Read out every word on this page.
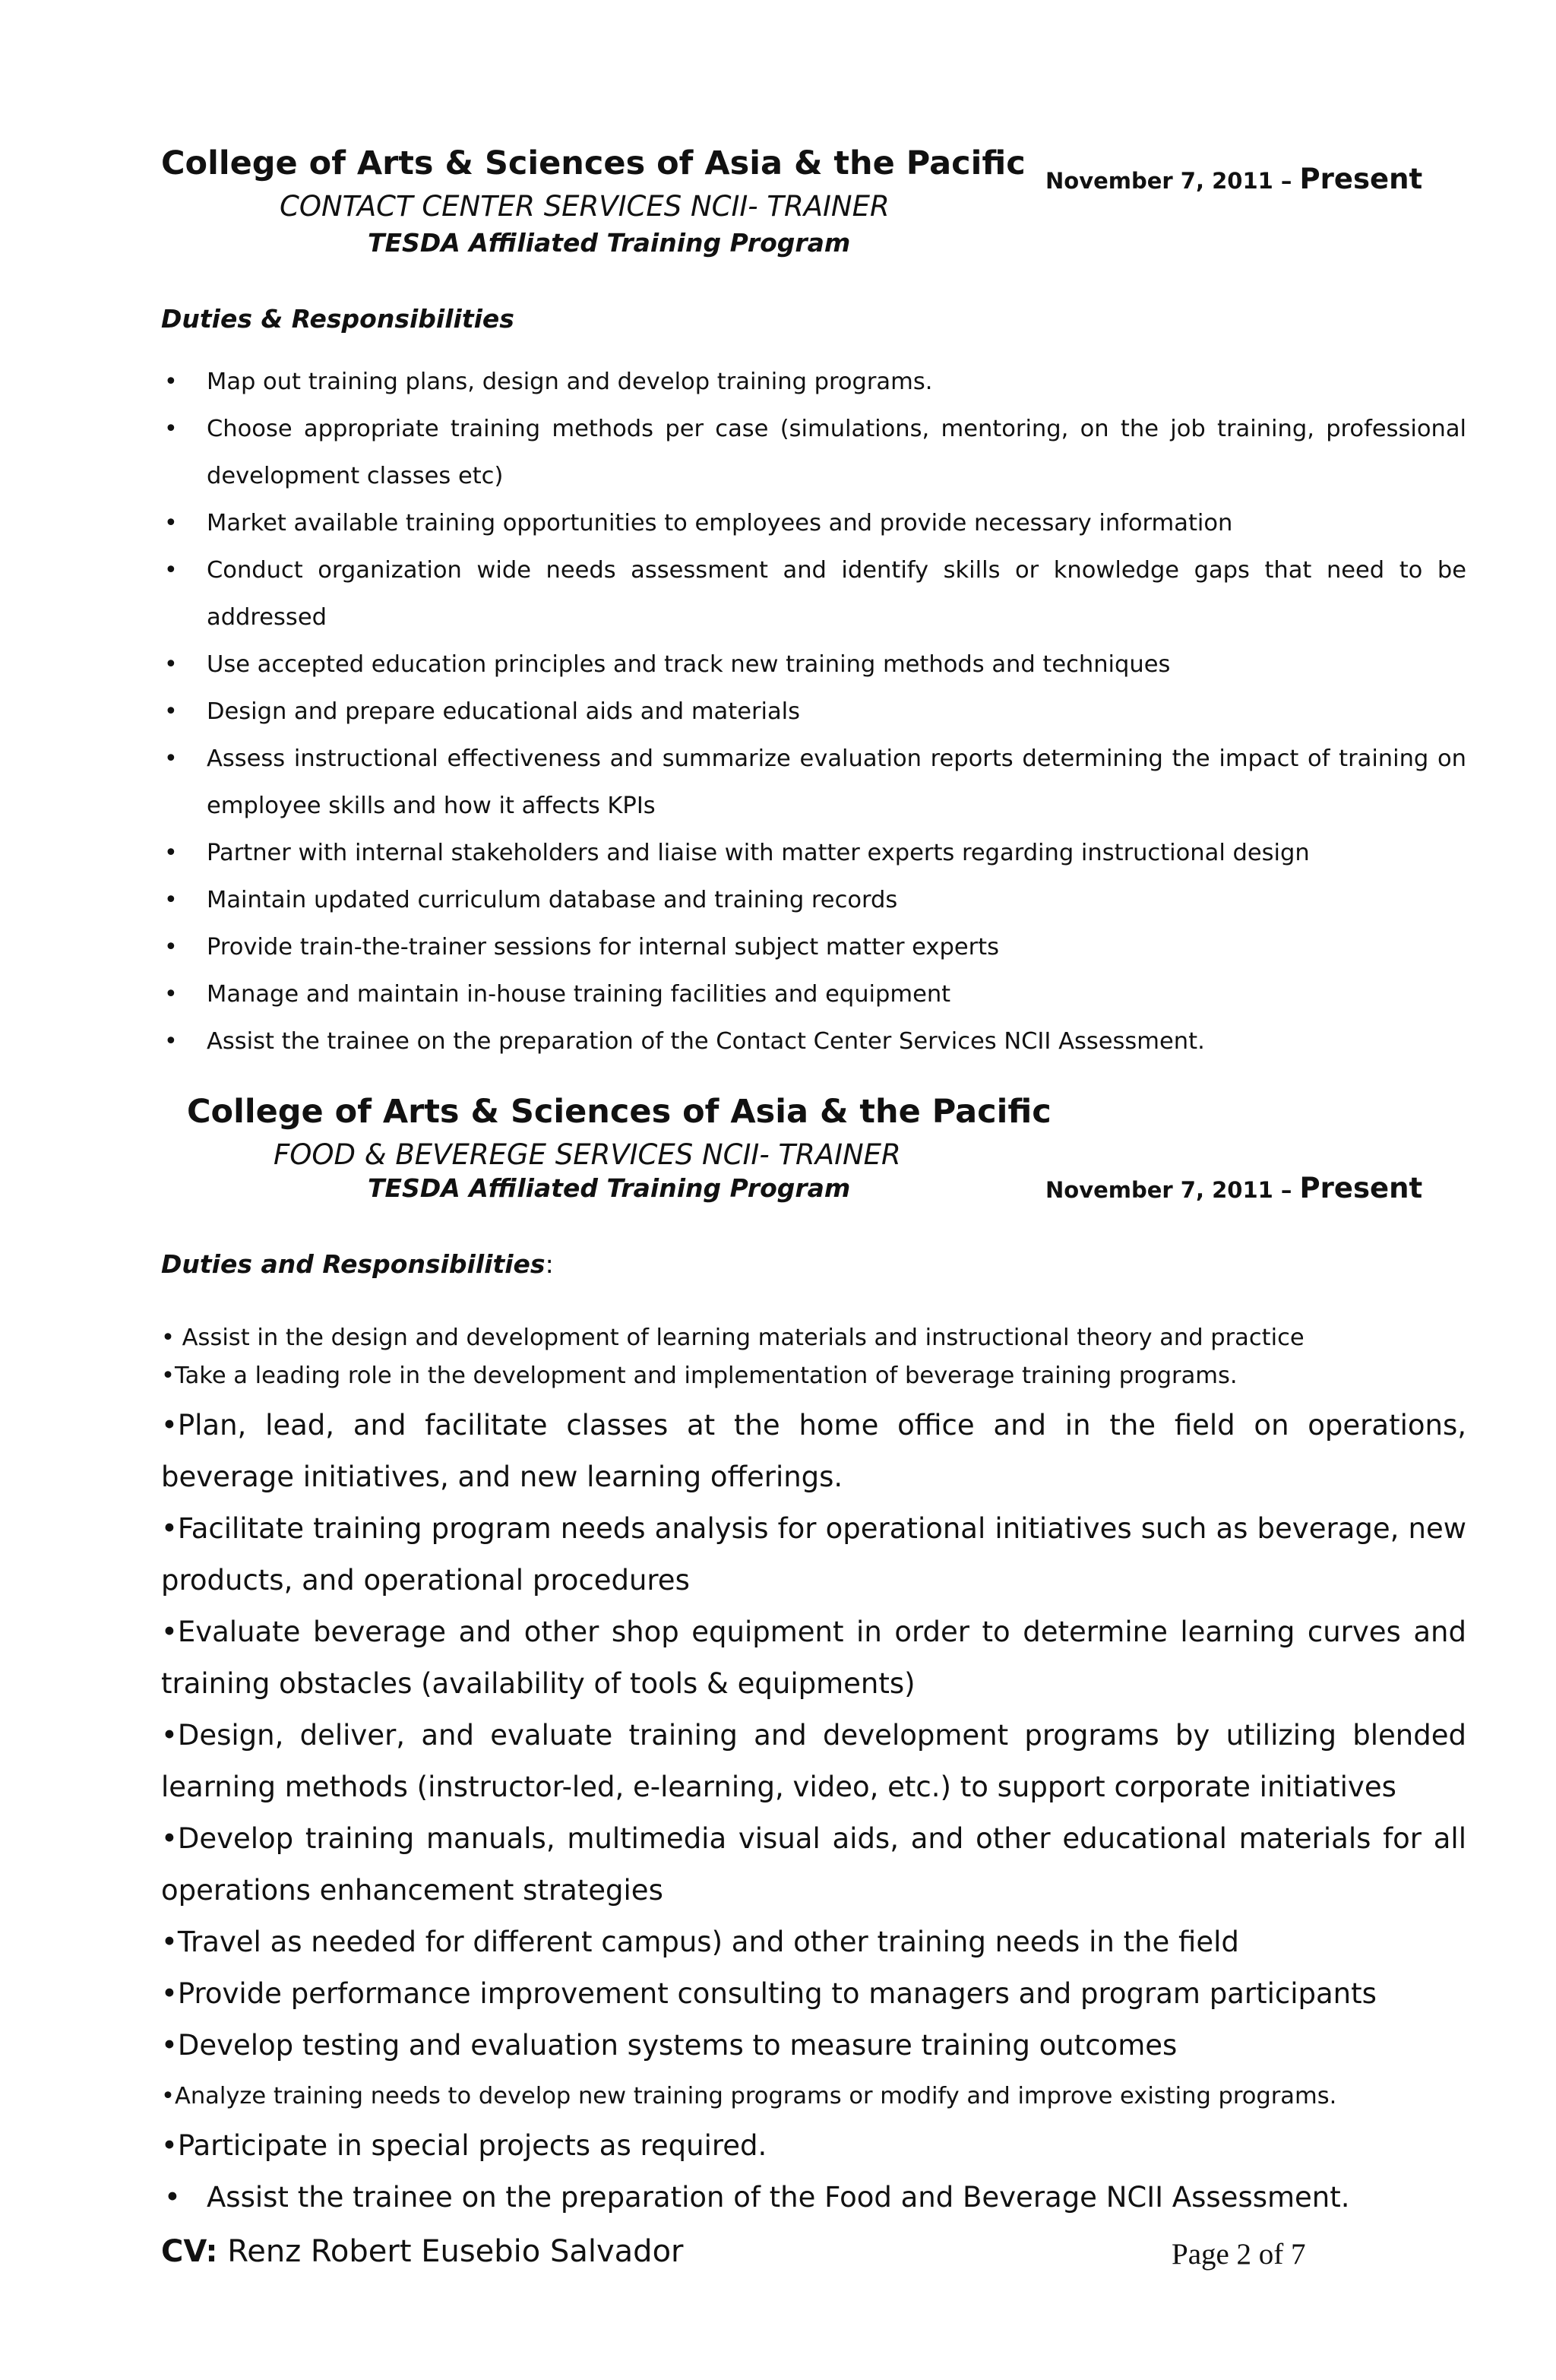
College of Arts & Sciences of Asia & the Pacific
CONTACT CENTER SERVICES NCII- TRAINER
TESDA Affiliated Training Program
November 7, 2011 – Present
Duties & Responsibilities
• Map out training plans, design and develop training programs.
• Choose appropriate training methods per case (simulations, mentoring, on the job training, professional development classes etc)
• Market available training opportunities to employees and provide necessary information
• Conduct organization wide needs assessment and identify skills or knowledge gaps that need to be addressed
• Use accepted education principles and track new training methods and techniques
• Design and prepare educational aids and materials
• Assess instructional effectiveness and summarize evaluation reports determining the impact of training on employee skills and how it affects KPIs
• Partner with internal stakeholders and liaise with matter experts regarding instructional design
• Maintain updated curriculum database and training records
• Provide train-the-trainer sessions for internal subject matter experts
• Manage and maintain in-house training facilities and equipment
• Assist the trainee on the preparation of the Contact Center Services NCII Assessment.
College of Arts & Sciences of Asia & the Pacific
FOOD & BEVEREGE SERVICES NCII- TRAINER
TESDA Affiliated Training Program	November 7, 2011 – Present
Duties and Responsibilities:
• Assist in the design and development of learning materials and instructional theory and practice
•Take a leading role in the development and implementation of beverage training programs.
•Plan, lead, and facilitate classes at the home office and in the field on operations, beverage initiatives, and new learning offerings.
•Facilitate training program needs analysis for operational initiatives such as beverage, new products, and operational procedures
•Evaluate beverage and other shop equipment in order to determine learning curves and training obstacles (availability of tools & equipments)
•Design, deliver, and evaluate training and development programs by utilizing blended learning methods (instructor-led, e-learning, video, etc.) to support corporate initiatives
•Develop training manuals, multimedia visual aids, and other educational materials for all operations enhancement strategies
•Travel as needed for different campus) and other training needs in the field
•Provide performance improvement consulting to managers and program participants
•Develop testing and evaluation systems to measure training outcomes
•Analyze training needs to develop new training programs or modify and improve existing programs.
•Participate in special projects as required.
• Assist the trainee on the preparation of the Food and Beverage NCII Assessment.
CV: Renz Robert Eusebio Salvador	Page 2 of 7
